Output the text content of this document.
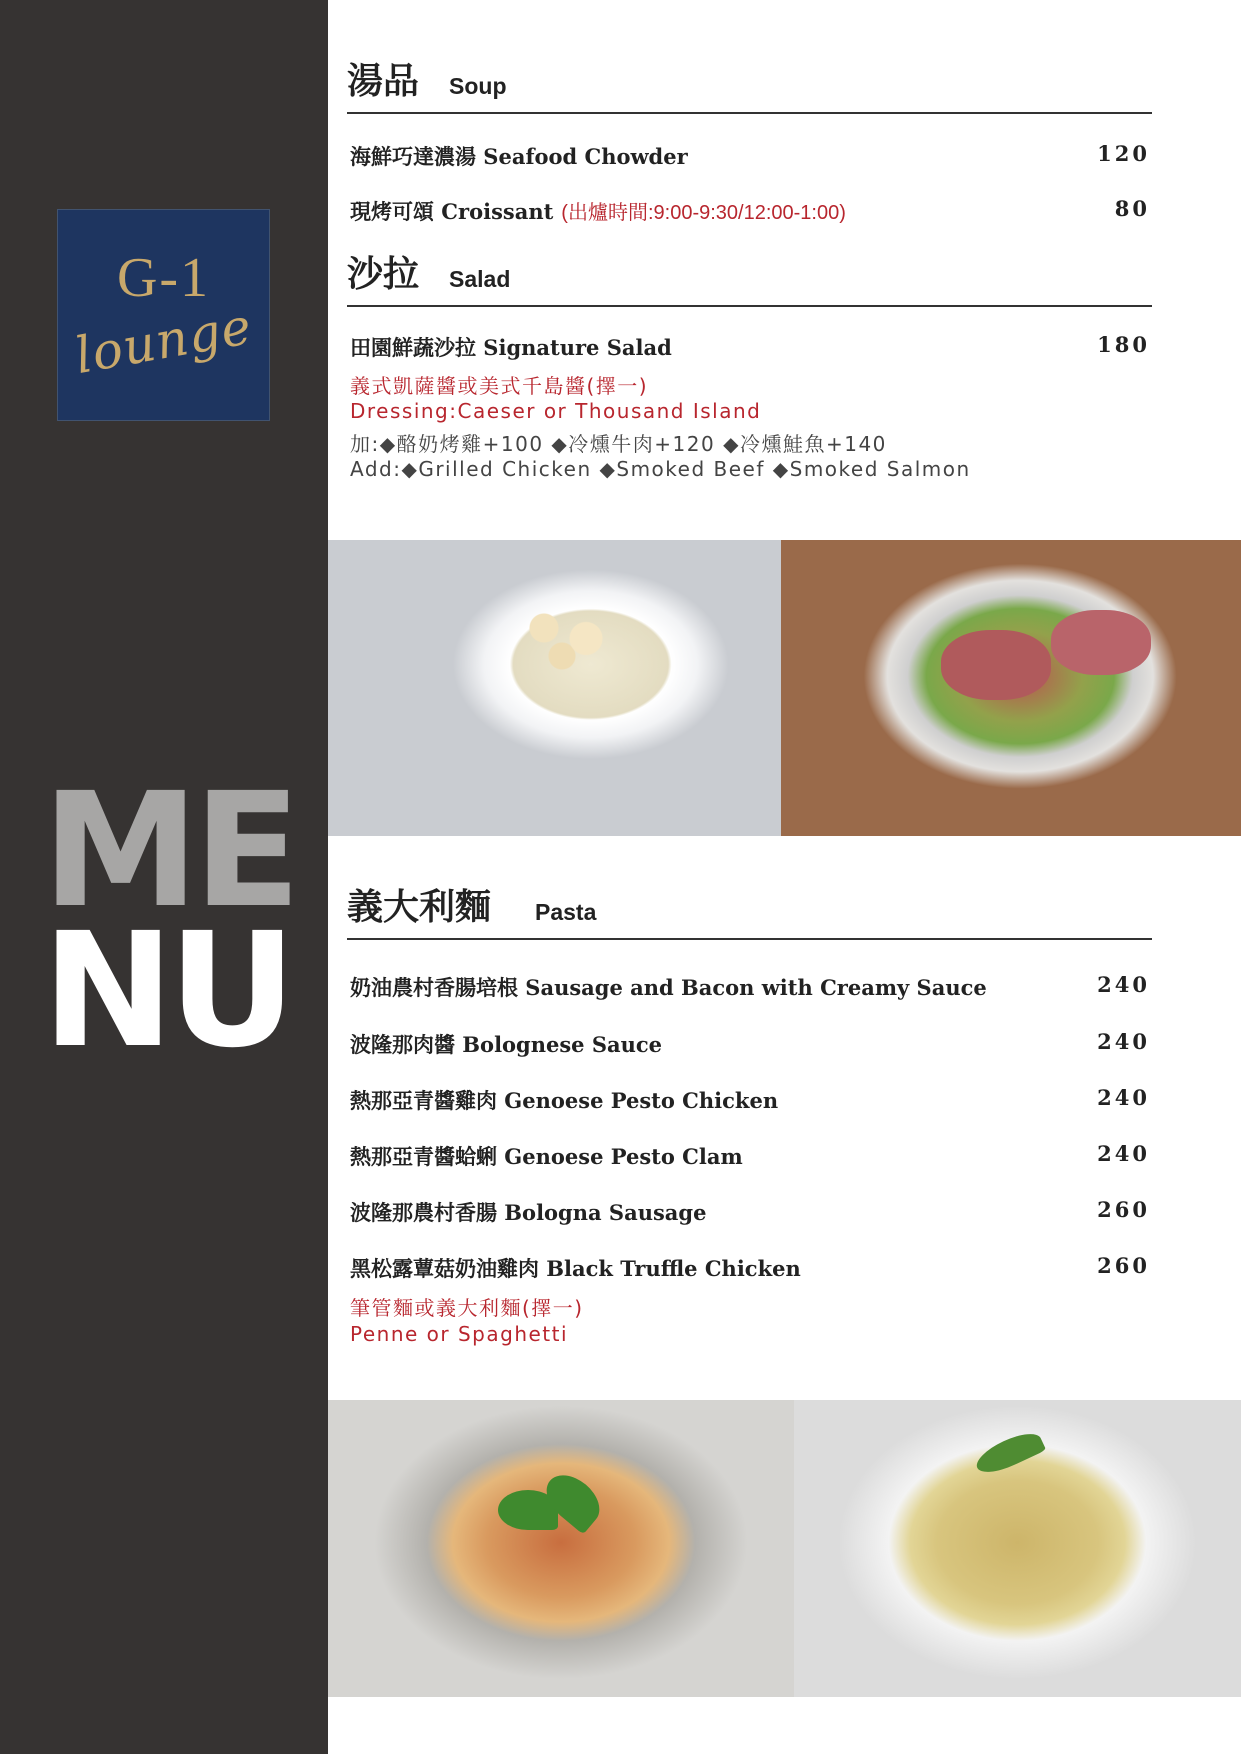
G-1
lounge
ME
NU
湯品 Soup
海鮮巧達濃湯 Seafood Chowder	120
現烤可頌 Croissant (出爐時間:9:00-9:30/12:00-1:00)	80
沙拉 Salad
田園鮮蔬沙拉 Signature Salad	180
義式凱薩醬或美式千島醬(擇一)
Dressing:Caeser or Thousand Island
加:◆酪奶烤雞+100 ◆冷燻牛肉+120 ◆冷燻鮭魚+140
Add:◆Grilled Chicken ◆Smoked Beef ◆Smoked Salmon
義大利麵 Pasta
奶油農村香腸培根 Sausage and Bacon with Creamy Sauce	240
波隆那肉醬 Bolognese Sauce	240
熱那亞青醬雞肉 Genoese Pesto Chicken	240
熱那亞青醬蛤蜊 Genoese Pesto Clam	240
波隆那農村香腸 Bologna Sausage	260
黑松露蕈菇奶油雞肉 Black Truffle Chicken	260
筆管麵或義大利麵(擇一)
Penne or Spaghetti
